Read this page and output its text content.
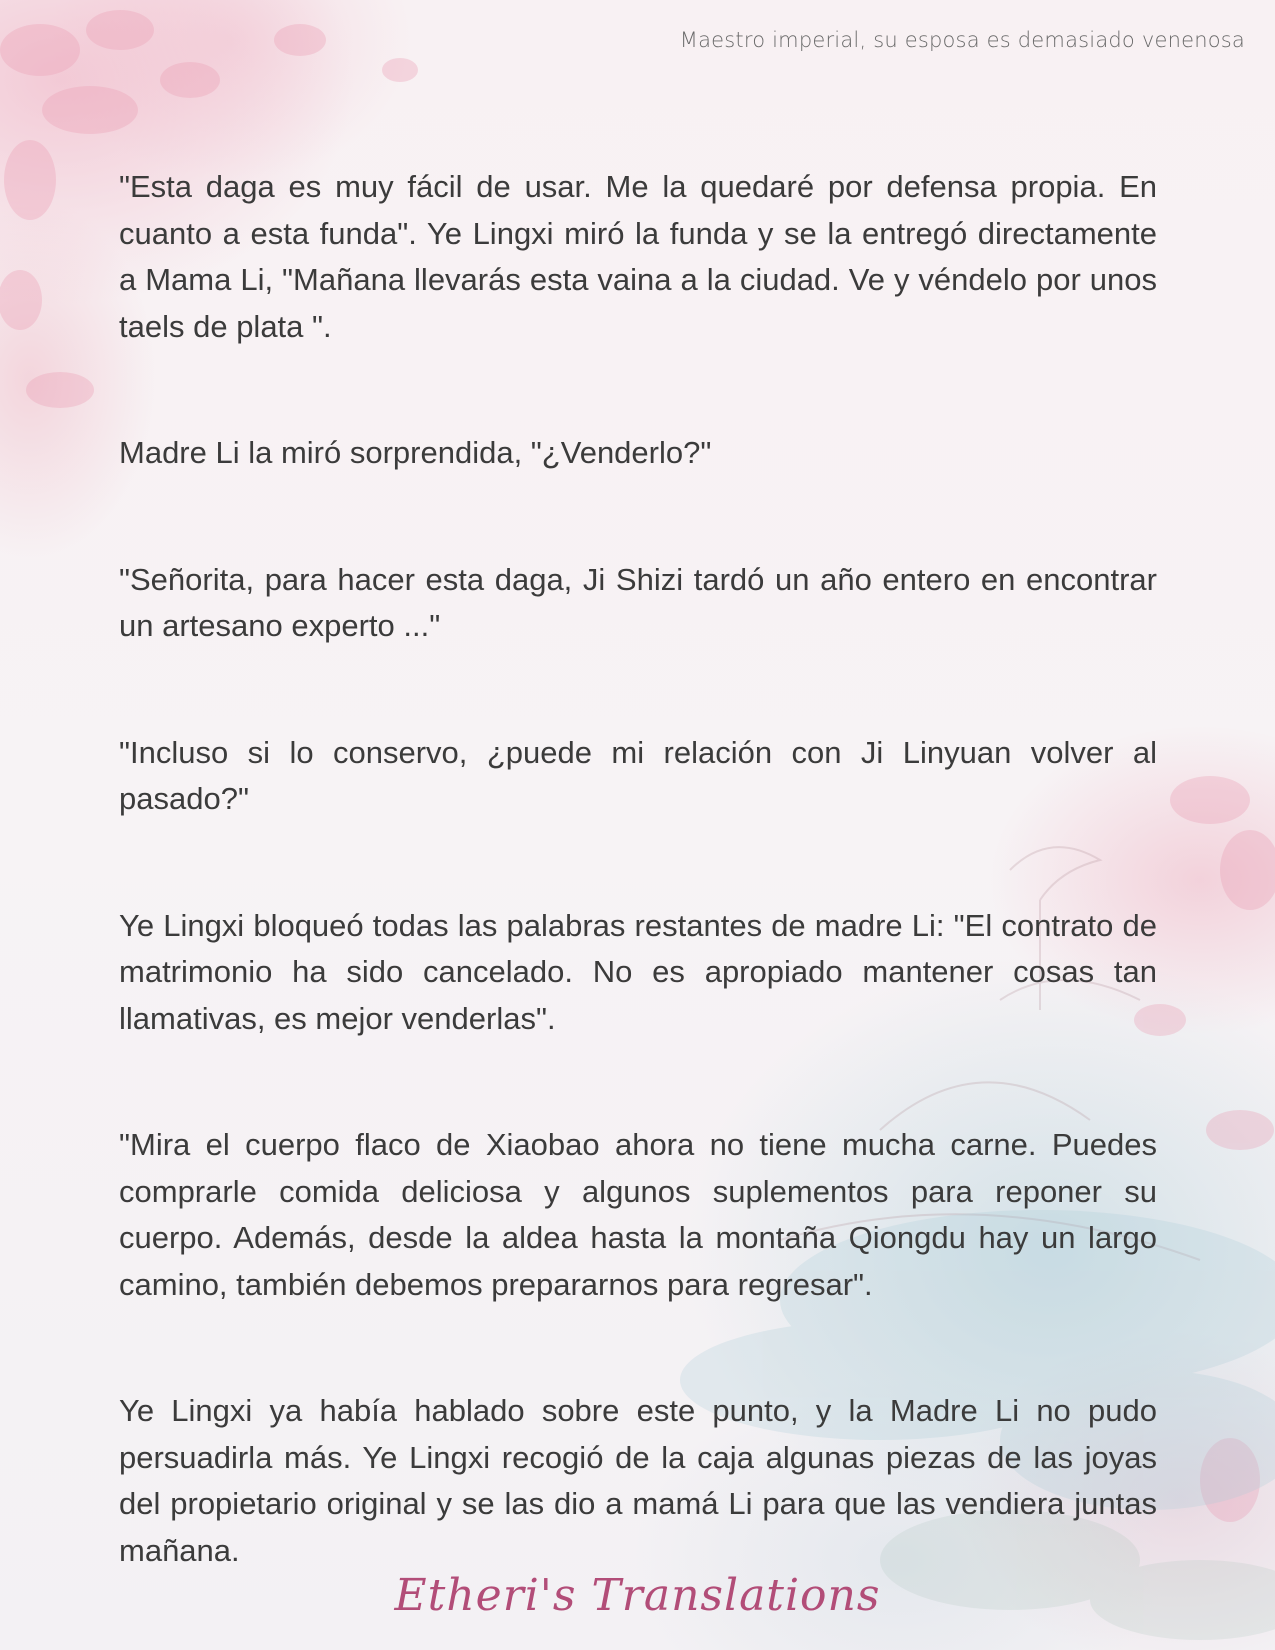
Maestro imperial, su esposa es demasiado venenosa

"Esta daga es muy fácil de usar. Me la quedaré por defensa propia. En cuanto a esta funda". Ye Lingxi miró la funda y se la entregó directamente a Mama Li, "Mañana llevarás esta vaina a la ciudad. Ve y véndelo por unos taels de plata ".

Madre Li la miró sorprendida, "¿Venderlo?"

"Señorita, para hacer esta daga, Ji Shizi tardó un año entero en encontrar un artesano experto ..."

"Incluso si lo conservo, ¿puede mi relación con Ji Linyuan volver al pasado?"

Ye Lingxi bloqueó todas las palabras restantes de madre Li: "El contrato de matrimonio ha sido cancelado. No es apropiado mantener cosas tan llamativas, es mejor venderlas".

"Mira el cuerpo flaco de Xiaobao ahora no tiene mucha carne. Puedes comprarle comida deliciosa y algunos suplementos para reponer su cuerpo. Además, desde la aldea hasta la montaña Qiongdu hay un largo camino, también debemos prepararnos para regresar".

Ye Lingxi ya había hablado sobre este punto, y la Madre Li no pudo persuadirla más. Ye Lingxi recogió de la caja algunas piezas de las joyas del propietario original y se las dio a mamá Li para que las vendiera juntas mañana.

Etheri's Translations
